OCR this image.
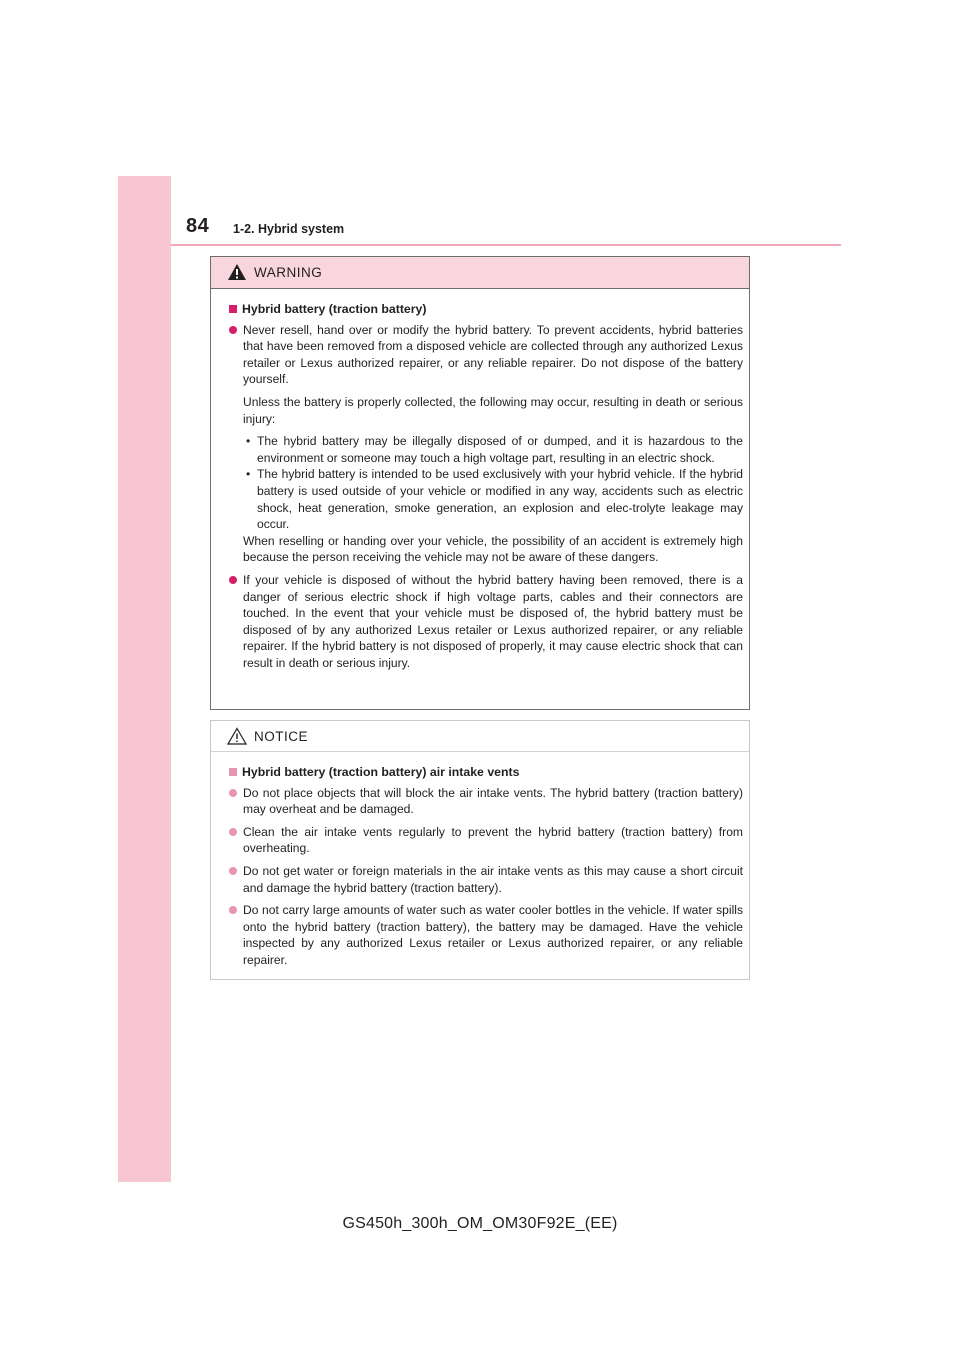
84 1-2. Hybrid system
WARNING
Hybrid battery (traction battery)
Never resell, hand over or modify the hybrid battery. To prevent accidents, hybrid batteries that have been removed from a disposed vehicle are collected through any authorized Lexus retailer or Lexus authorized repairer, or any reliable repairer. Do not dispose of the battery yourself.
Unless the battery is properly collected, the following may occur, resulting in death or serious injury:
• The hybrid battery may be illegally disposed of or dumped, and it is hazardous to the environment or someone may touch a high voltage part, resulting in an electric shock.
• The hybrid battery is intended to be used exclusively with your hybrid vehicle. If the hybrid battery is used outside of your vehicle or modified in any way, accidents such as electric shock, heat generation, smoke generation, an explosion and elec-trolyte leakage may occur.
When reselling or handing over your vehicle, the possibility of an accident is extremely high because the person receiving the vehicle may not be aware of these dangers.
If your vehicle is disposed of without the hybrid battery having been removed, there is a danger of serious electric shock if high voltage parts, cables and their connectors are touched. In the event that your vehicle must be disposed of, the hybrid battery must be disposed of by any authorized Lexus retailer or Lexus authorized repairer, or any reliable repairer. If the hybrid battery is not disposed of properly, it may cause electric shock that can result in death or serious injury.
NOTICE
Hybrid battery (traction battery) air intake vents
Do not place objects that will block the air intake vents. The hybrid battery (traction battery) may overheat and be damaged.
Clean the air intake vents regularly to prevent the hybrid battery (traction battery) from overheating.
Do not get water or foreign materials in the air intake vents as this may cause a short circuit and damage the hybrid battery (traction battery).
Do not carry large amounts of water such as water cooler bottles in the vehicle. If water spills onto the hybrid battery (traction battery), the battery may be damaged. Have the vehicle inspected by any authorized Lexus retailer or Lexus authorized repairer, or any reliable repairer.
GS450h_300h_OM_OM30F92E_(EE)
